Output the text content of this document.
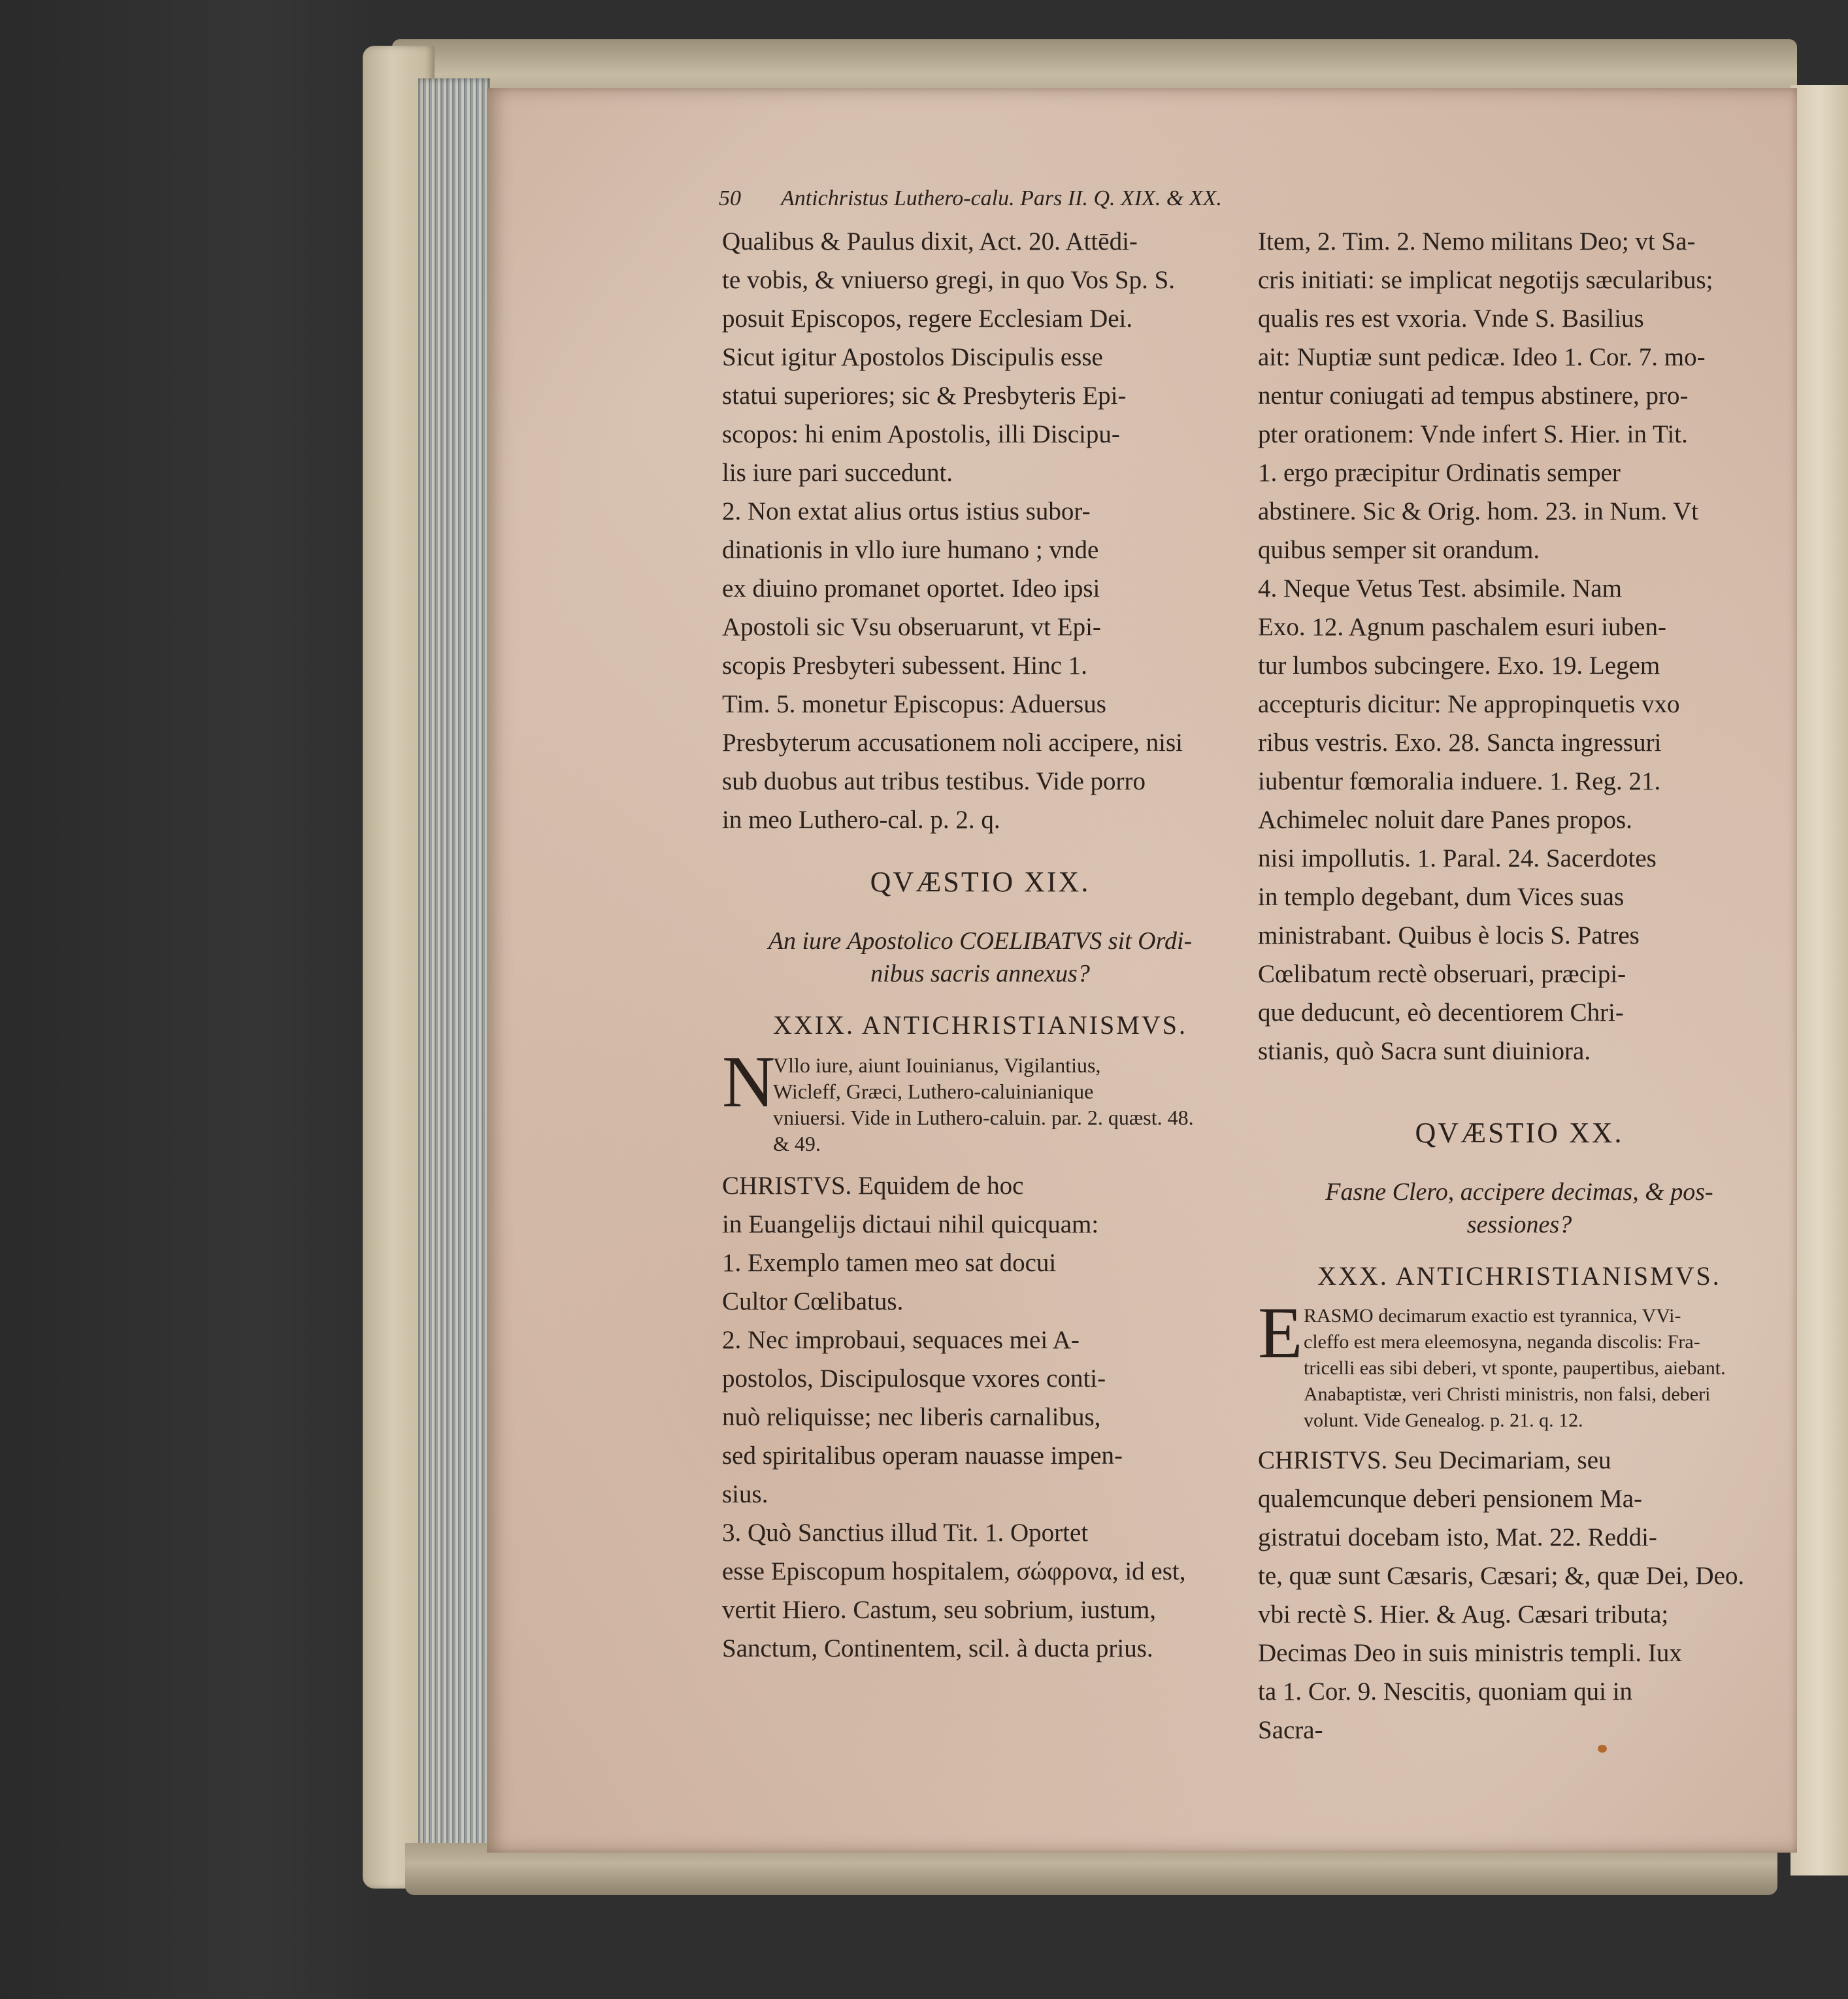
50 Antichristus Luthero-calu. Pars II. Q. XIX. & XX.
Qualibus & Paulus dixit, Act. 20. Attēdi-
te vobis, & vniuerso gregi, in quo Vos Sp. S.
posuit Episcopos, regere Ecclesiam Dei.
Sicut igitur Apostolos Discipulis esse
statui superiores; sic & Presbyteris Epi-
scopos: hi enim Apostolis, illi Discipu-
lis iure pari succedunt.
2. Non extat alius ortus istius subor-
dinationis in vllo iure humano ; vnde
ex diuino promanet oportet. Ideo ipsi
Apostoli sic Vsu obseruarunt, vt Epi-
scopis Presbyteri subessent. Hinc 1.
Tim. 5. monetur Episcopus: Aduersus
Presbyterum accusationem noli accipere, nisi
sub duobus aut tribus testibus. Vide porro
in meo Luthero-cal. p. 2. q.
QVÆSTIO XIX.
An iure Apostolico COELIBATVS sit Ordi-
nibus sacris annexus?
XXIX. ANTICHRISTIANISMVS.
N
Vllo iure, aiunt Iouinianus, Vigilantius,
Wicleff, Græci, Luthero-caluinianique
vniuersi. Vide in Luthero-caluin. par. 2. quæst. 48.
& 49.
CHRISTVS. Equidem de hoc
in Euangelijs dictaui nihil quicquam:
1. Exemplo tamen meo sat docui
Cultor Cœlibatus.
2. Nec improbaui, sequaces mei A-
postolos, Discipulosque vxores conti-
nuò reliquisse; nec liberis carnalibus,
sed spiritalibus operam nauasse impen-
sius.
3. Quò Sanctius illud Tit. 1. Oportet
esse Episcopum hospitalem, σώφρονα, id est,
vertit Hiero. Castum, seu sobrium, iustum,
Sanctum, Continentem, scil. à ducta prius.
Item, 2. Tim. 2. Nemo militans Deo; vt Sa-
cris initiati: se implicat negotijs sæcularibus;
qualis res est vxoria. Vnde S. Basilius
ait: Nuptiæ sunt pedicæ. Ideo 1. Cor. 7. mo-
nentur coniugati ad tempus abstinere, pro-
pter orationem: Vnde infert S. Hier. in Tit.
1. ergo præcipitur Ordinatis semper
abstinere. Sic & Orig. hom. 23. in Num. Vt
quibus semper sit orandum.
4. Neque Vetus Test. absimile. Nam
Exo. 12. Agnum paschalem esuri iuben-
tur lumbos subcingere. Exo. 19. Legem
accepturis dicitur: Ne appropinquetis vxo
ribus vestris. Exo. 28. Sancta ingressuri
iubentur fœmoralia induere. 1. Reg. 21.
Achimelec noluit dare Panes propos.
nisi impollutis. 1. Paral. 24. Sacerdotes
in templo degebant, dum Vices suas
ministrabant. Quibus è locis S. Patres
Cœlibatum rectè obseruari, præcipi-
que deducunt, eò decentiorem Chri-
stianis, quò Sacra sunt diuiniora.
QVÆSTIO XX.
Fasne Clero, accipere decimas, & pos-
sessiones?
XXX. ANTICHRISTIANISMVS.
E RASMO decimarum exactio est tyrannica, VVi-
cleffo est mera eleemosyna, neganda discolis: Fra-
tricelli eas sibi deberi, vt sponte, paupertibus, aiebant.
Anabaptistæ, veri Christi ministris, non falsi, deberi
volunt. Vide Genealog. p. 21. q. 12.
CHRISTVS. Seu Decimariam, seu
qualemcunque deberi pensionem Ma-
gistratui docebam isto, Mat. 22. Reddi-
te, quæ sunt Cæsaris, Cæsari; &, quæ Dei, Deo.
vbi rectè S. Hier. & Aug. Cæsari tributa;
Decimas Deo in suis ministris templi. Iux
ta 1. Cor. 9. Nescitis, quoniam qui in
Sacra-
